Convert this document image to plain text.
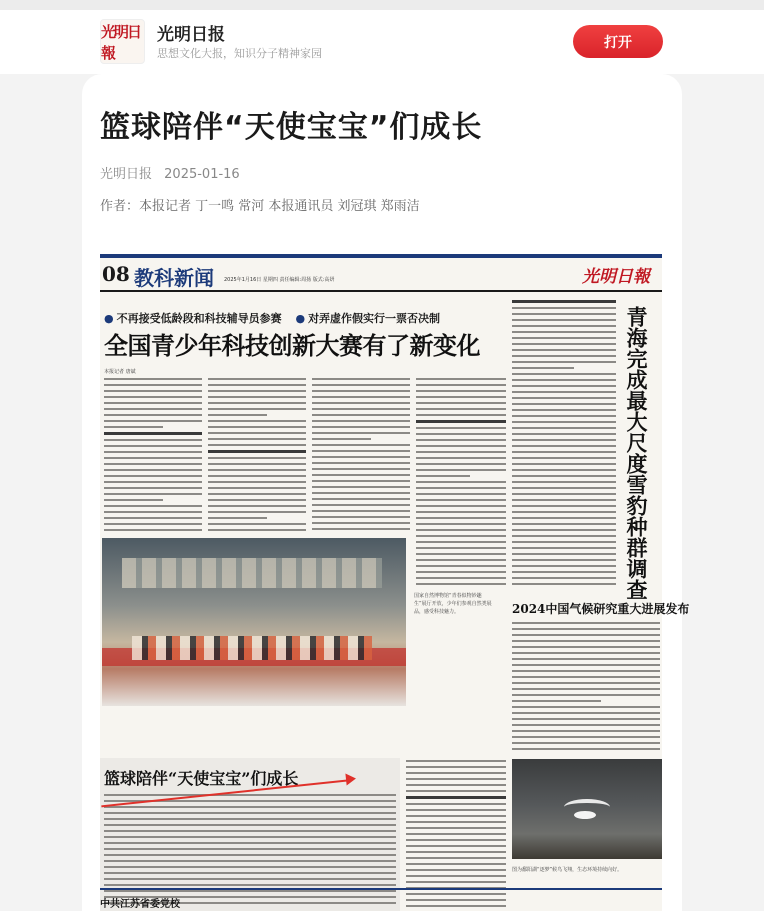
光明日報
光明日报
思想文化大报，知识分子精神家园
打开
篮球陪伴“天使宝宝”们成长
光明日报 2025-01-16
作者：本报记者 丁一鸣 常河 本报通讯员 刘冠琪 郑雨洁
08 教科新闻 2025年1月16日 星期四 责任编辑:周扬 版式:高妍	光明日報
● 不再接受低龄段和科技辅导员参赛 ● 对弄虚作假实行一票否决制
全国青少年科技创新大赛有了新变化
本报记者 唐斌	青海完成最大尺度雪豹种群调查
国家自然博物馆“青春似物妙趣生”展厅开放，少年们参观自然类展品，感受科技魅力。	2024中国气候研究重大进展发布
篮球陪伴“天使宝宝”们成长
图为鄱阳湖“逐梦”候鸟飞翔，生态环境持续向好。
中共江苏省委党校
